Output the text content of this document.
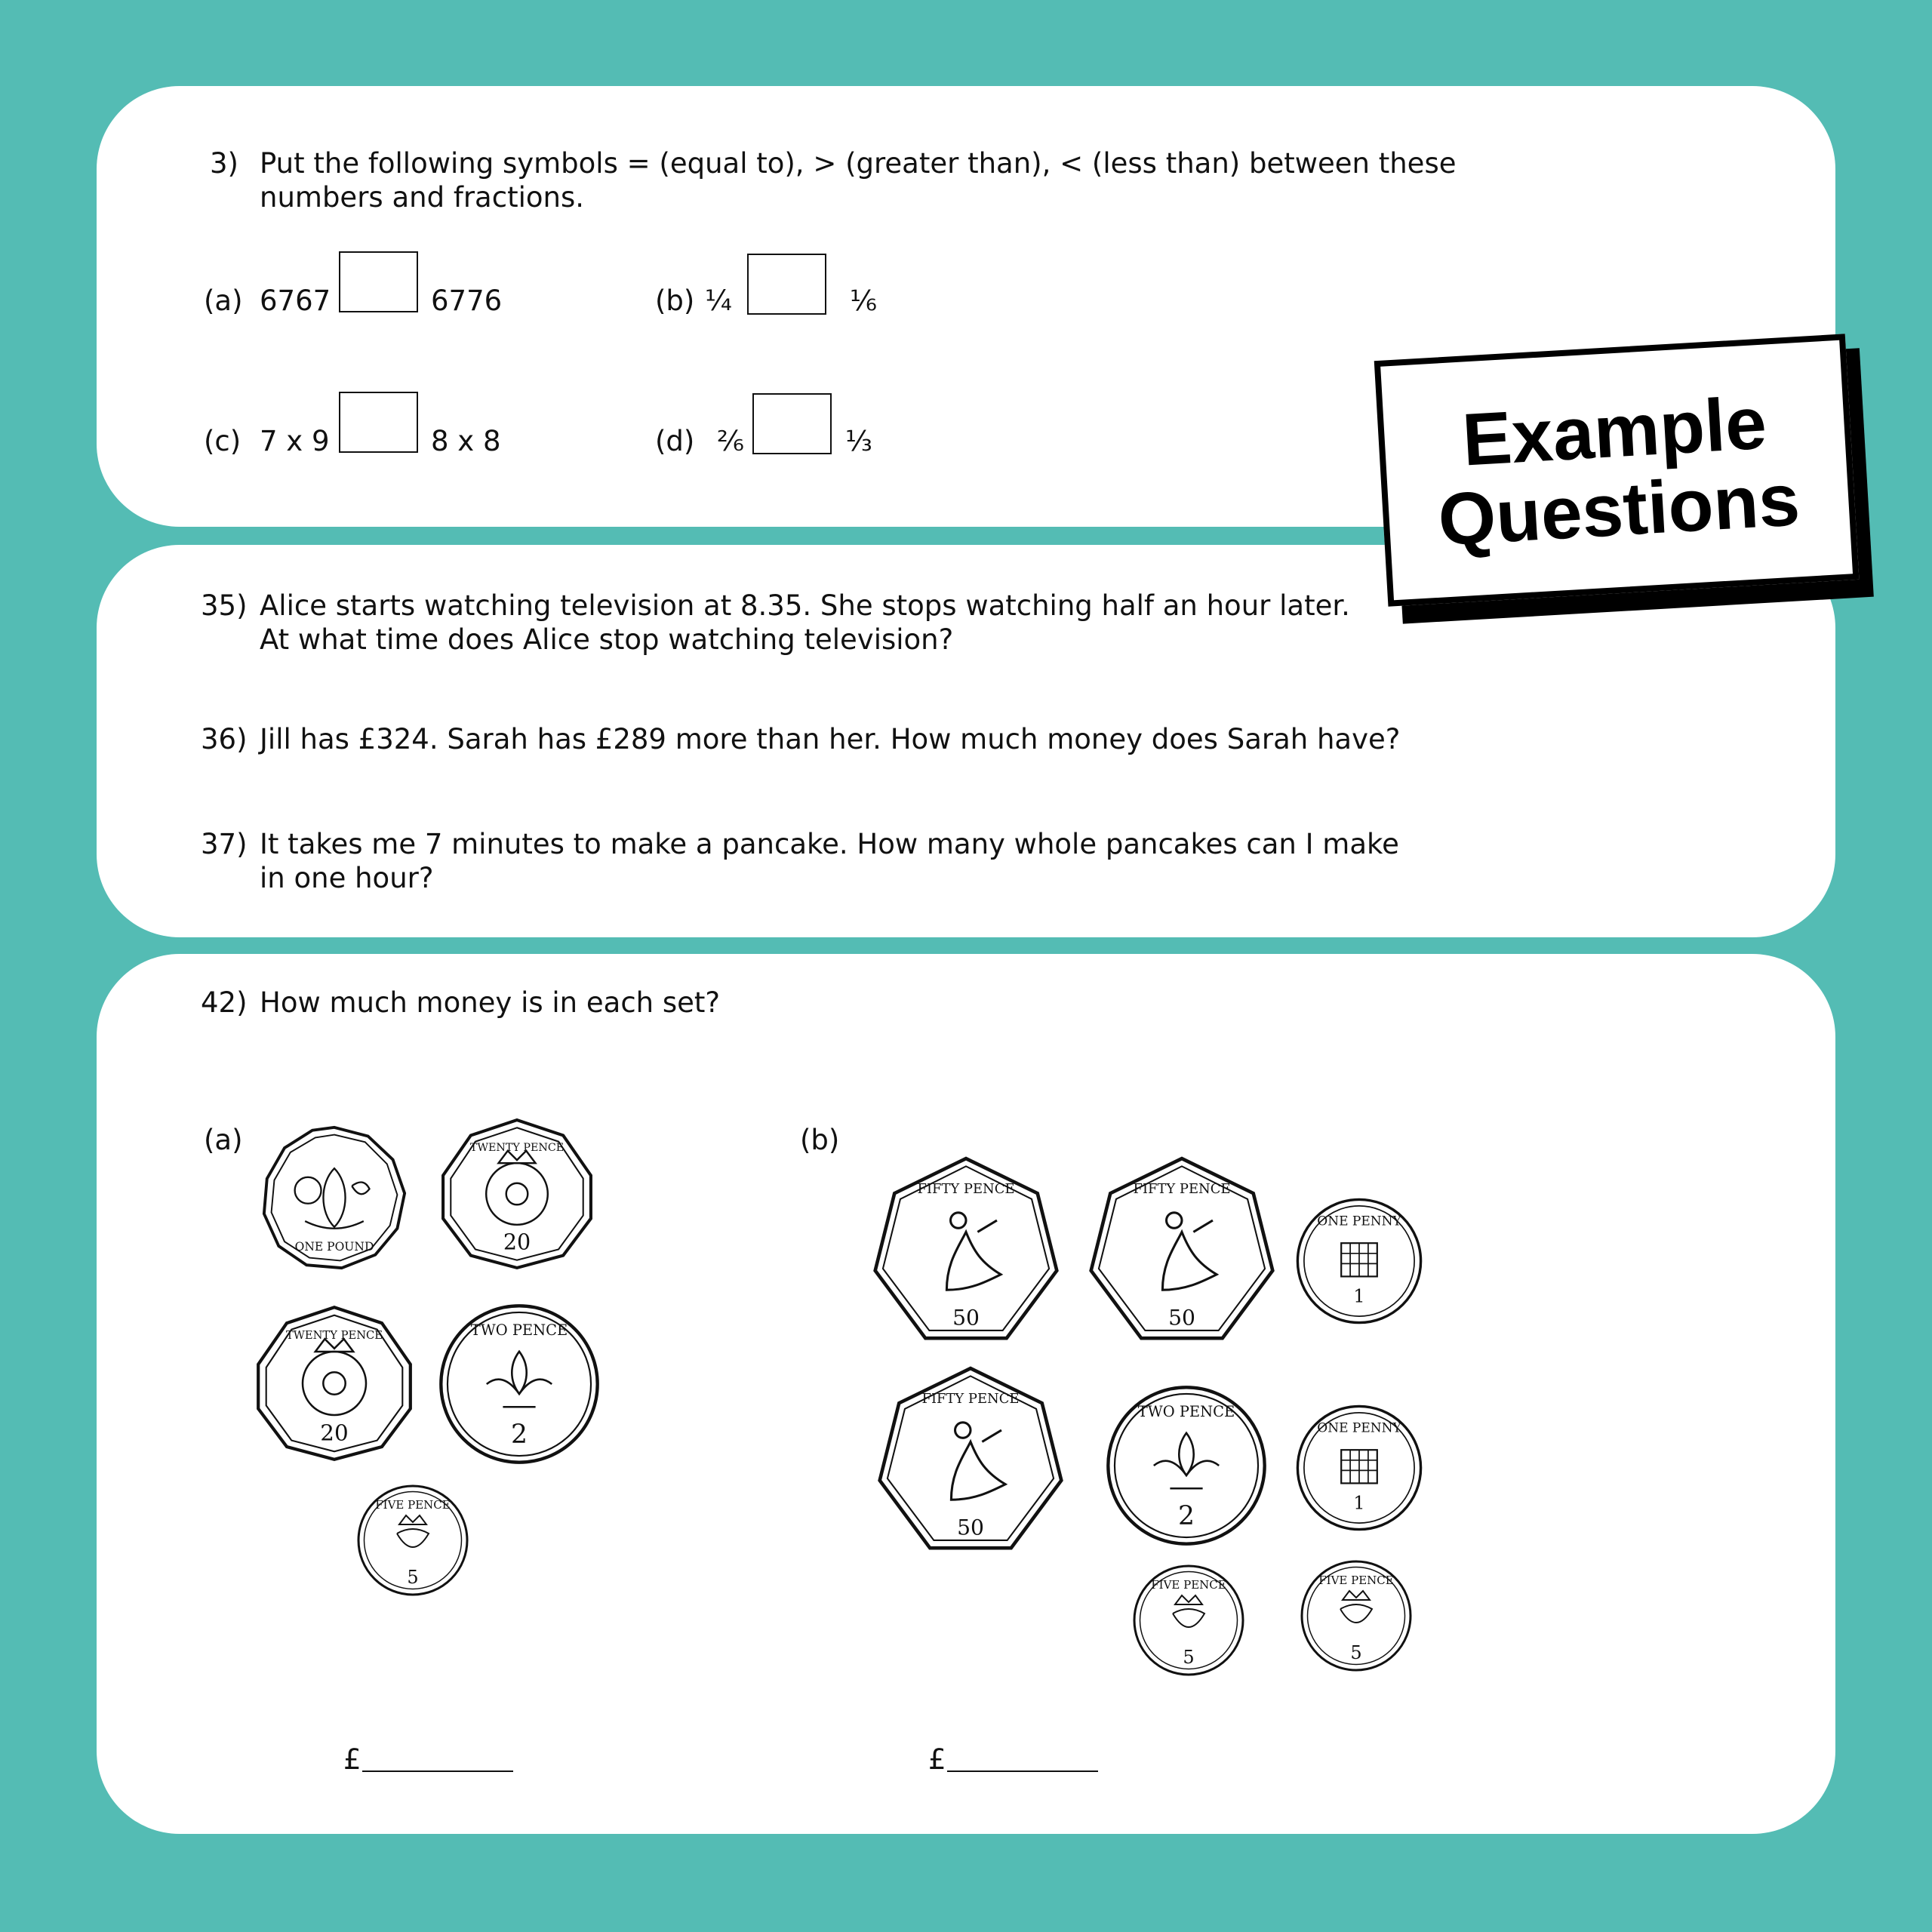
3) Put the following symbols = (equal to), > (greater than), < (less than) between these
numbers and fractions.
(a) 6767	6776	(b) ¼	⅙
(c) 7 x 9	8 x 8	(d) ²⁄₆	⅓
35) Alice starts watching television at 8.35. She stops watching half an hour later.
At what time does Alice stop watching television?
36) Jill has £324. Sarah has £289 more than her. How much money does Sarah have?
37) It takes me 7 minutes to make a pancake. How many whole pancakes can I make
in one hour?
42) How much money is in each set?
(a)	(b)
£	£
Example
Questions
ONE POUND
TWENTY PENCE
20
TWENTY PENCE
20
TWO PENCE
2
FIVE PENCE
5
FIFTY PENCE
50
FIFTY PENCE
50
ONE PENNY
1
FIFTY PENCE
50
TWO PENCE
2
ONE PENNY
1
FIVE PENCE
5
FIVE PENCE
5
